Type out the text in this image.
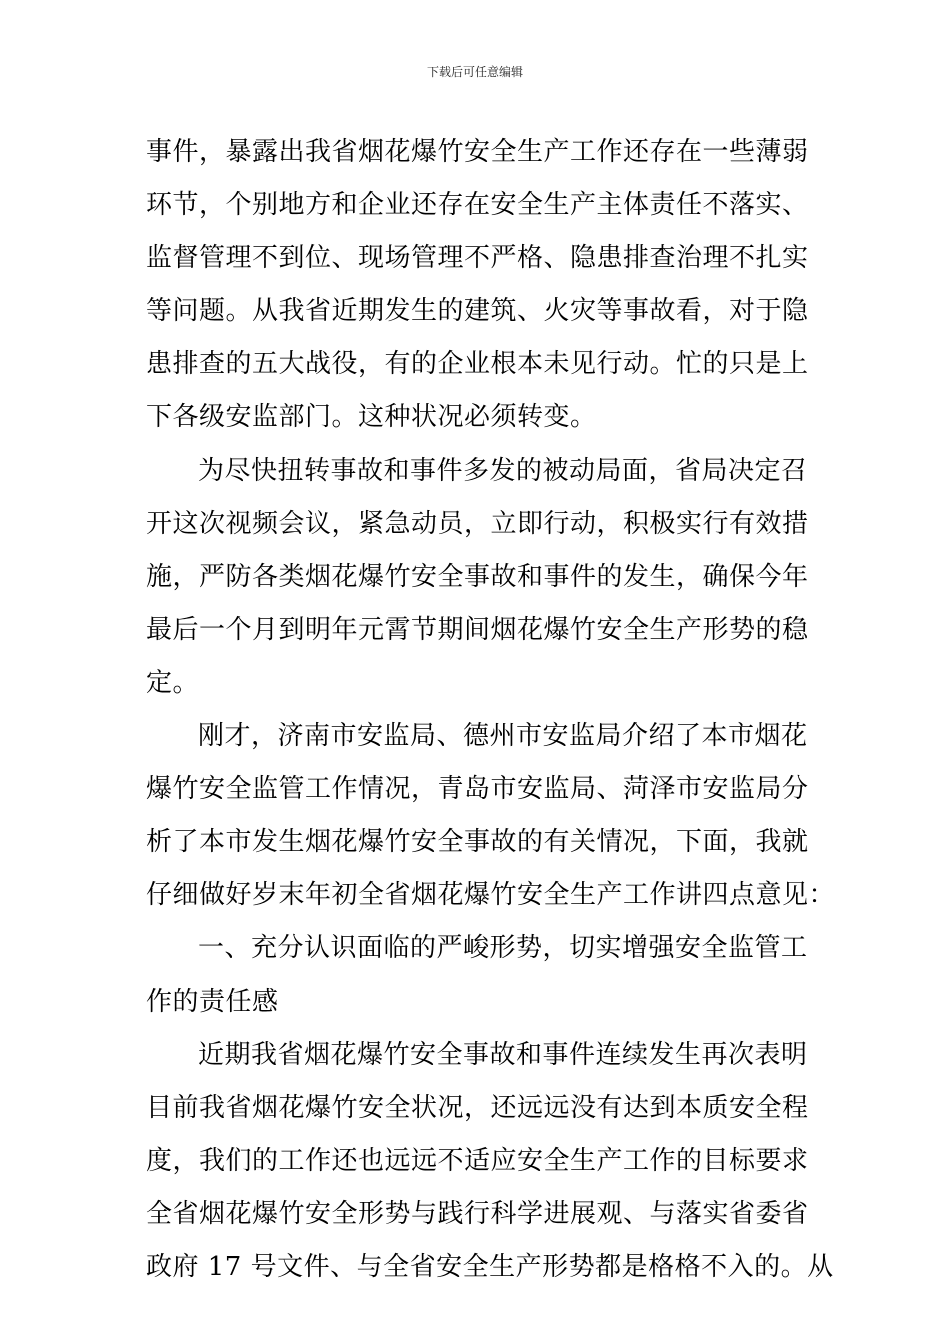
下载后可任意编辑
事件，暴露出我省烟花爆竹安全生产工作还存在一些薄弱
环节，个别地方和企业还存在安全生产主体责任不落实、
监督管理不到位、现场管理不严格、隐患排查治理不扎实
等问题。从我省近期发生的建筑、火灾等事故看，对于隐
患排查的五大战役，有的企业根本未见行动。忙的只是上
下各级安监部门。这种状况必须转变。
为尽快扭转事故和事件多发的被动局面，省局决定召
开这次视频会议，紧急动员，立即行动，积极实行有效措
施，严防各类烟花爆竹安全事故和事件的发生，确保今年
最后一个月到明年元霄节期间烟花爆竹安全生产形势的稳
定。
刚才，济南市安监局、德州市安监局介绍了本市烟花
爆竹安全监管工作情况，青岛市安监局、菏泽市安监局分
析了本市发生烟花爆竹安全事故的有关情况，下面，我就
仔细做好岁末年初全省烟花爆竹安全生产工作讲四点意见：
一、充分认识面临的严峻形势，切实增强安全监管工
作的责任感
近期我省烟花爆竹安全事故和事件连续发生再次表明
目前我省烟花爆竹安全状况，还远远没有达到本质安全程
度，我们的工作还也远远不适应安全生产工作的目标要求
全省烟花爆竹安全形势与践行科学进展观、与落实省委省
政府 17 号文件、与全省安全生产形势都是格格不入的。从
